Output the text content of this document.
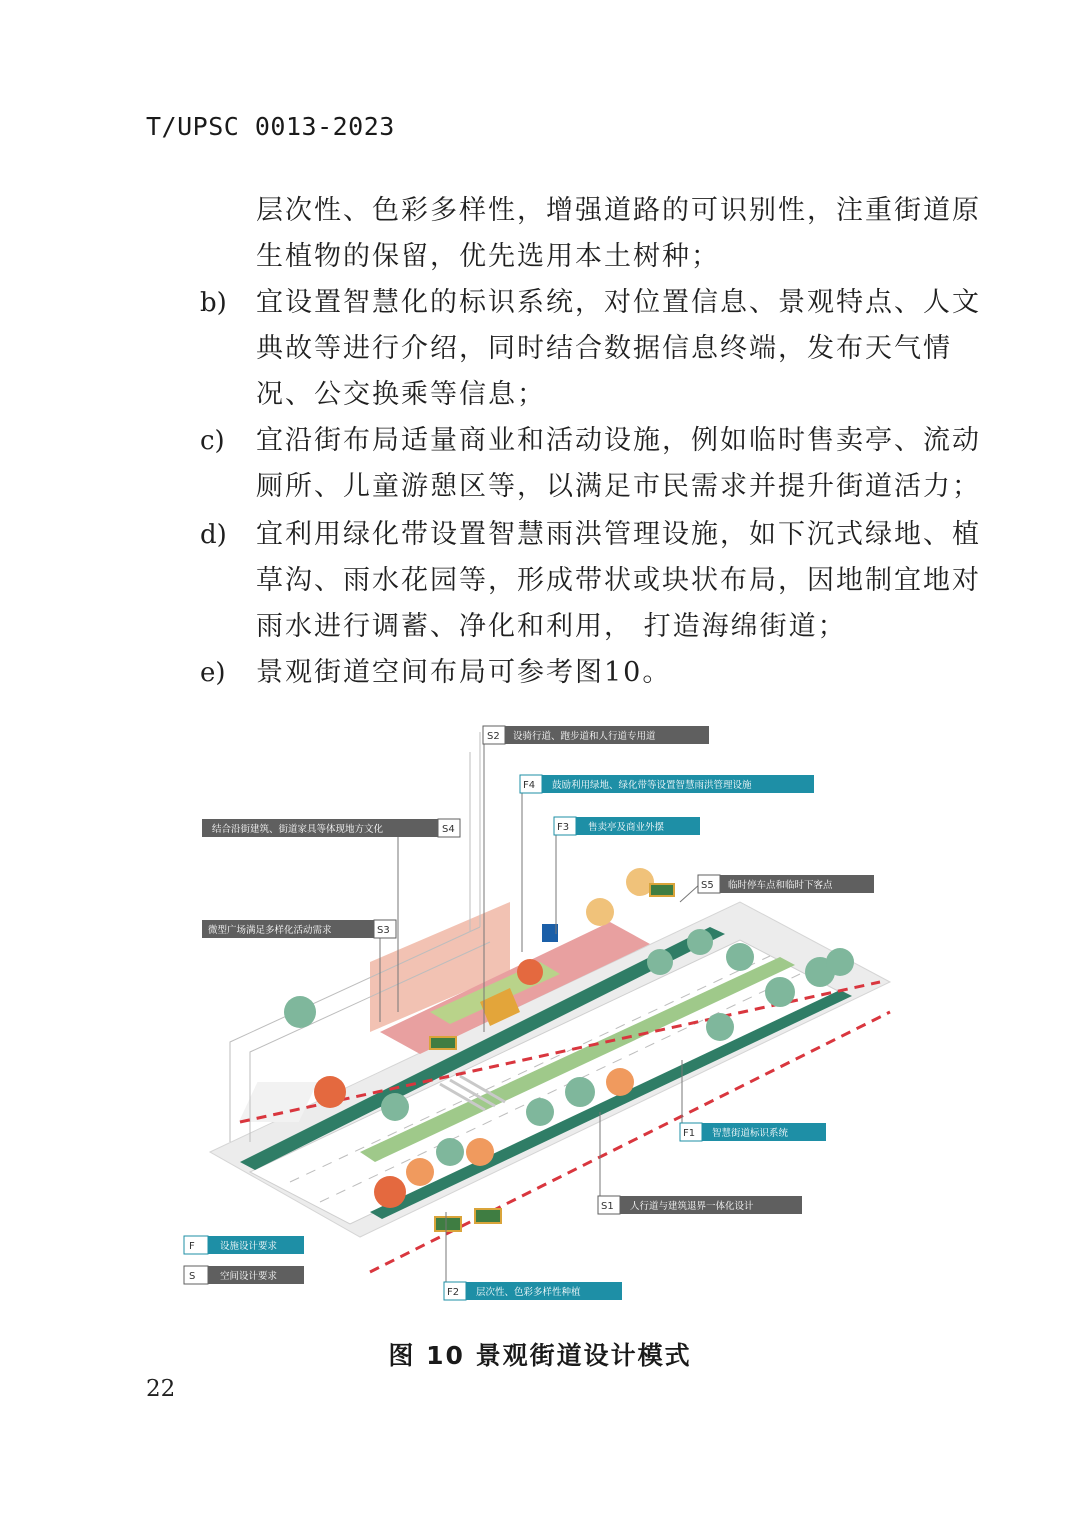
T/UPSC 0013-2023
层次性、色彩多样性，增强道路的可识别性，注重街道原
生植物的保留，优先选用本土树种；
b) 宜设置智慧化的标识系统，对位置信息、景观特点、人文
典故等进行介绍，同时结合数据信息终端，发布天气情
况、公交换乘等信息；
c) 宜沿街布局适量商业和活动设施，例如临时售卖亭、流动
厕所、儿童游憩区等，以满足市民需求并提升街道活力；
d) 宜利用绿化带设置智慧雨洪管理设施，如下沉式绿地、植
草沟、雨水花园等，形成带状或块状布局，因地制宜地对
雨水进行调蓄、净化和利用， 打造海绵街道；
e) 景观街道空间布局可参考图10。
S2 设骑行道、跑步道和人行道专用道
F4 鼓励利用绿地、绿化带等设置智慧雨洪管理设施
S4
结合沿街建筑、街道家具等体现地方文化	F3 售卖亭及商业外摆
S5 临时停车点和临时下客点
S3
微型广场满足多样化活动需求
F1 智慧街道标识系统
S1 人行道与建筑退界一体化设计
F2 层次性、色彩多样性种植
F	设施设计要求
S	空间设计要求
图 10 景观街道设计模式
22
